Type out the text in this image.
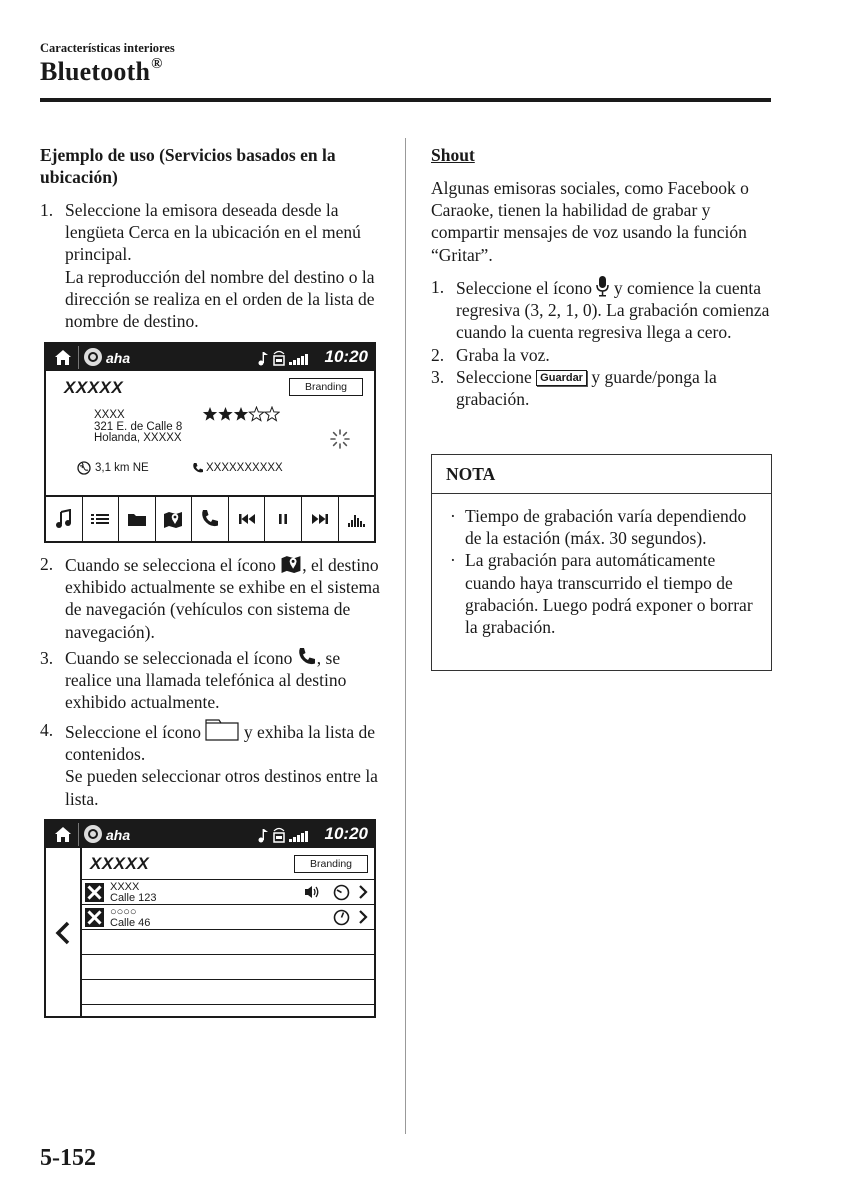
Características interiores
Bluetooth®
Ejemplo de uso (Servicios basados en la ubicación)
1. Seleccione la emisora deseada desde la lengüeta Cerca en la ubicación en el menú principal.
La reproducción del nombre del destino o la dirección se realiza en el orden de la lista de nombre de destino.
aha	10:20
XXXXX	Branding
XXXX
321 E. de Calle 8
Holanda, XXXXX
3,1 km NE	XXXXXXXXXX
2. Cuando se selecciona el ícono , el destino exhibido actualmente se exhibe en el sistema de navegación (vehículos con sistema de navegación).
3. Cuando se seleccionada el ícono , se realice una llamada telefónica al destino exhibido actualmente.
4. Seleccione el ícono y exhiba la lista de contenidos.
Se pueden seleccionar otros destinos entre la lista.
aha	10:20
XXXXX	Branding
XXXX
Calle 123
○○○○
Calle 46
Shout
Algunas emisoras sociales, como Facebook o Caraoke, tienen la habilidad de grabar y compartir mensajes de voz usando la función “Gritar”.
1. Seleccione el ícono y comience la cuenta regresiva (3, 2, 1, 0). La grabación comienza cuando la cuenta regresiva llega a cero.
2. Graba la voz.
3. Seleccione Guardar y guarde/ponga la grabación.
NOTA
· Tiempo de grabación varía dependiendo de la estación (máx. 30 segundos).
· La grabación para automáticamente cuando haya transcurrido el tiempo de grabación. Luego podrá exponer o borrar la grabación.
5-152
